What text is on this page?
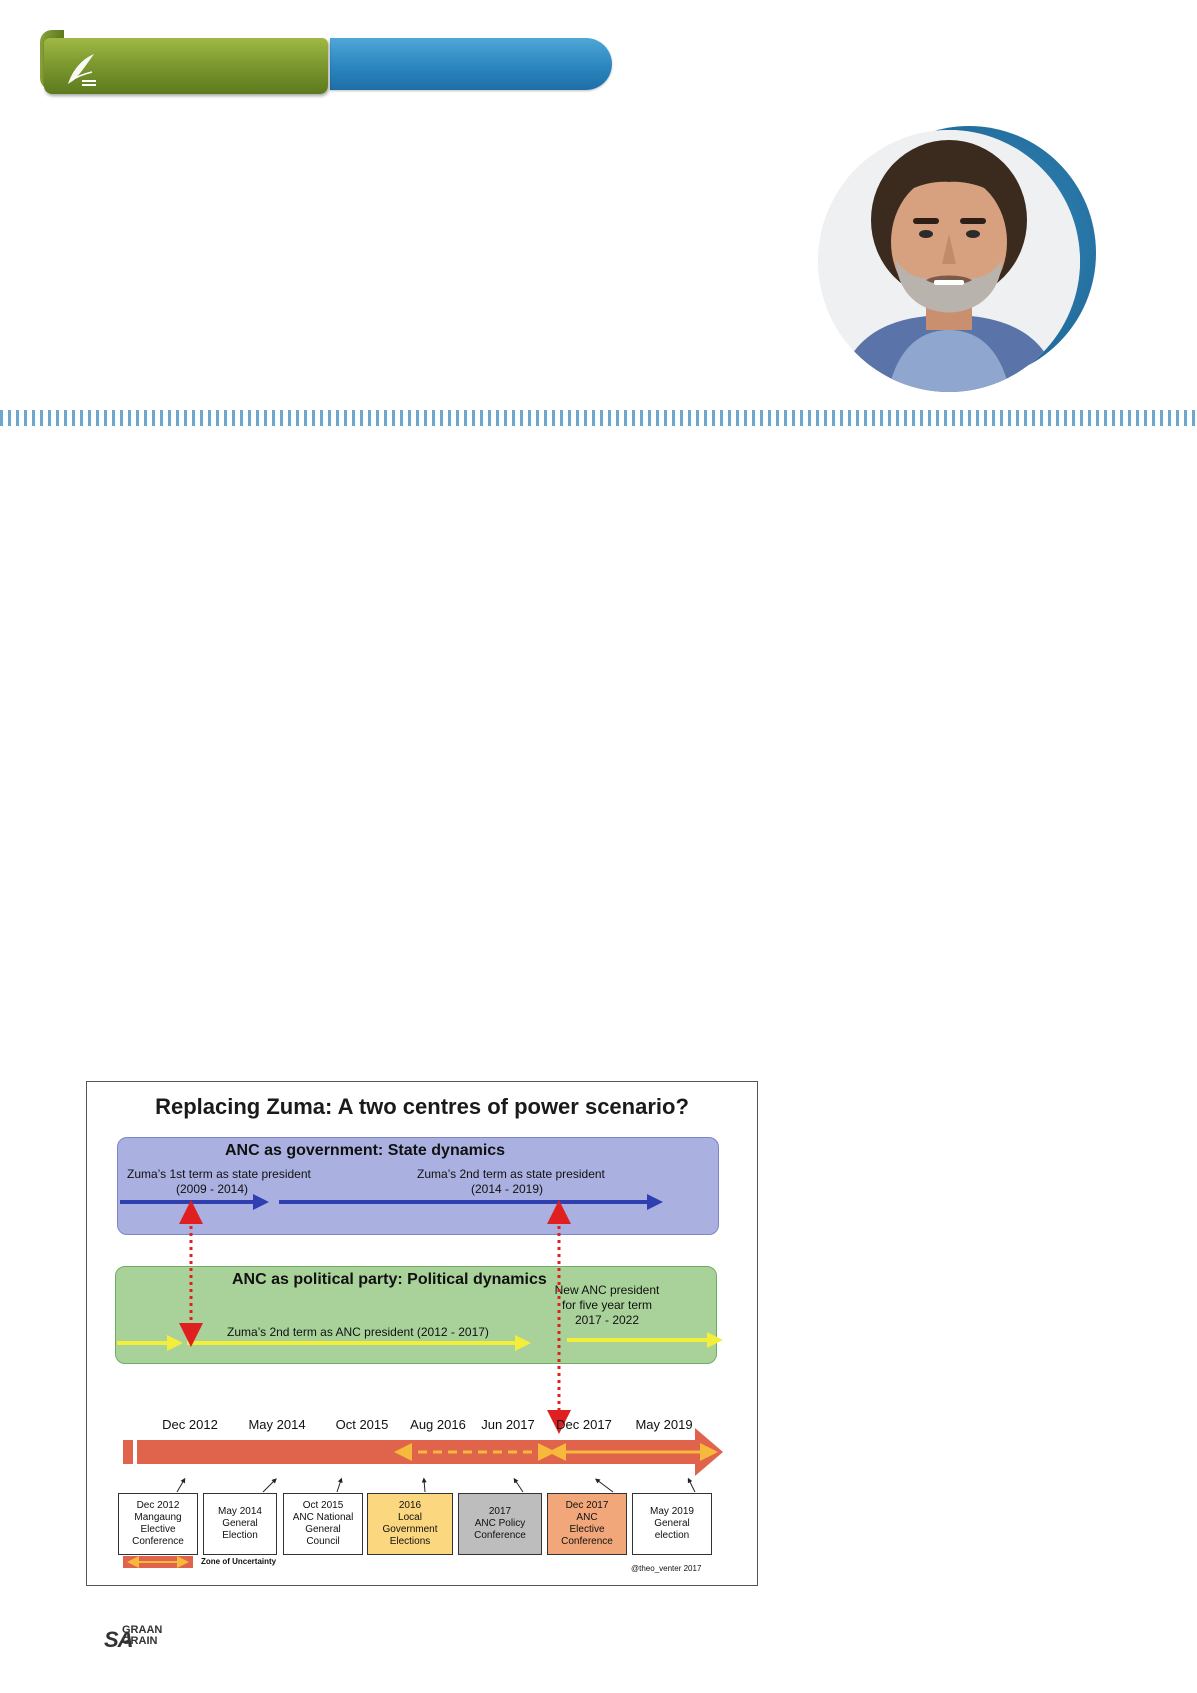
Replacing Zuma: A two centres of power scenario?
ANC as government: State dynamics
Zuma’s 1st term as state president
(2009 - 2014)
Zuma’s 2nd term as state president
(2014 - 2019)
ANC as political party: Political dynamics
Zuma’s 2nd term as ANC president (2012 - 2017)
New ANC president
for five year term
2017 - 2022
Dec 2012	May 2014	Oct 2015	Aug 2016	Jun 2017	Dec 2017	May 2019
Dec 2012
Mangaung
Elective
Conference
May 2014
General
Election
Oct 2015
ANC National
General
Council
2016
Local
Government
Elections
2017
ANC Policy
Conference
Dec 2017
ANC
Elective
Conference
May 2019
General
election
Zone of Uncertainty
@theo_venter 2017
SA
GRAAN
GRAIN
